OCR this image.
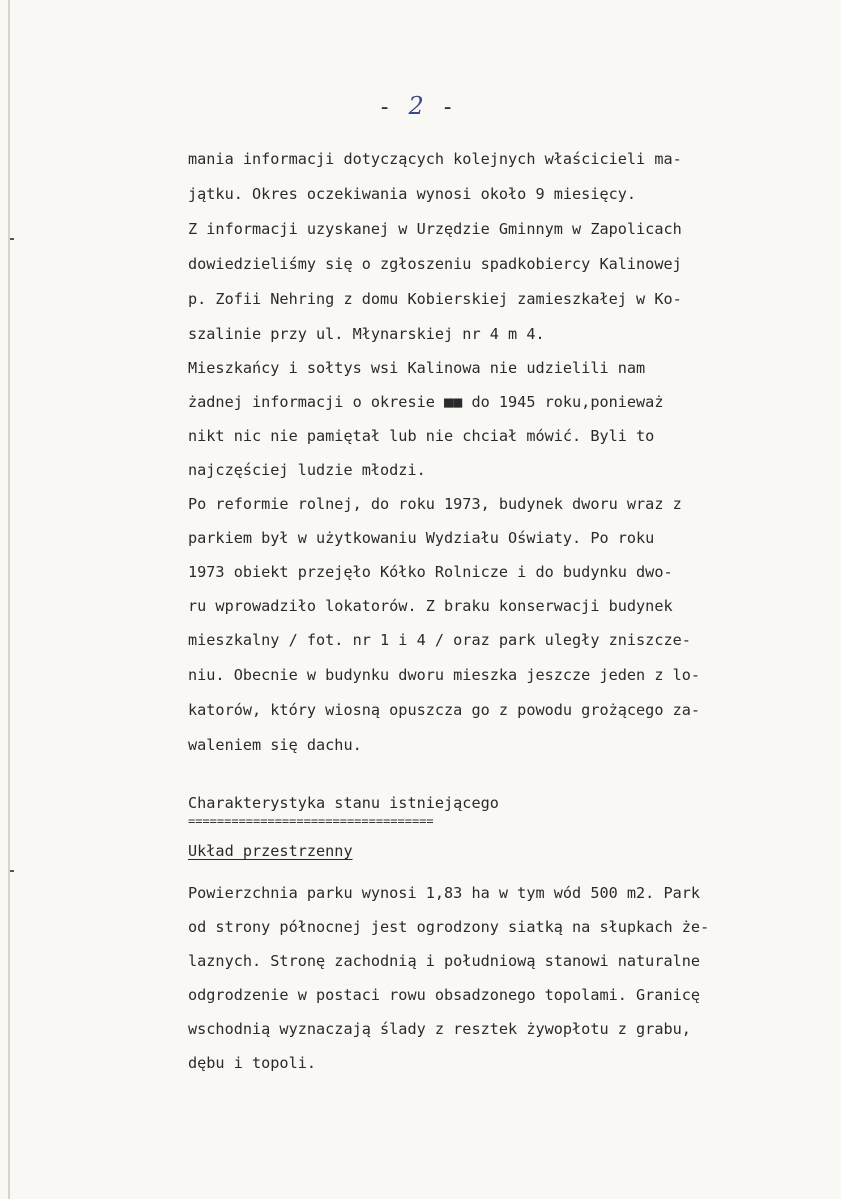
- 2 -
mania informacji dotyczących kolejnych właścicieli ma-
jątku. Okres oczekiwania wynosi około 9 miesięcy.
Z informacji uzyskanej w Urzędzie Gminnym w Zapolicach
dowiedzieliśmy się o zgłoszeniu spadkobiercy Kalinowej
p. Zofii Nehring z domu Kobierskiej zamieszkałej w Ko-
szalinie przy ul. Młynarskiej nr 4 m 4.
Mieszkańcy i sołtys wsi Kalinowa nie udzielili nam
żadnej informacji o okresie ■■ do 1945 roku,ponieważ
nikt nic nie pamiętał lub nie chciał mówić. Byli to
najczęściej ludzie młodzi.
Po reformie rolnej, do roku 1973, budynek dworu wraz z
parkiem był w użytkowaniu Wydziału Oświaty. Po roku
1973 obiekt przejęło Kółko Rolnicze i do budynku dwo-
ru wprowadziło lokatorów. Z braku konserwacji budynek
mieszkalny / fot. nr 1 i 4 / oraz park uległy zniszcze-
niu. Obecnie w budynku dworu mieszka jeszcze jeden z lo-
katorów, który wiosną opuszcza go z powodu grożącego za-
waleniem się dachu.
Charakterystyka stanu istniejącego
==================================
Układ przestrzenny
Powierzchnia parku wynosi 1,83 ha w tym wód 500 m2. Park
od strony północnej jest ogrodzony siatką na słupkach że-
laznych. Stronę zachodnią i południową stanowi naturalne
odgrodzenie w postaci rowu obsadzonego topolami. Granicę
wschodnią wyznaczają ślady z resztek żywopłotu z grabu,
dębu i topoli.
